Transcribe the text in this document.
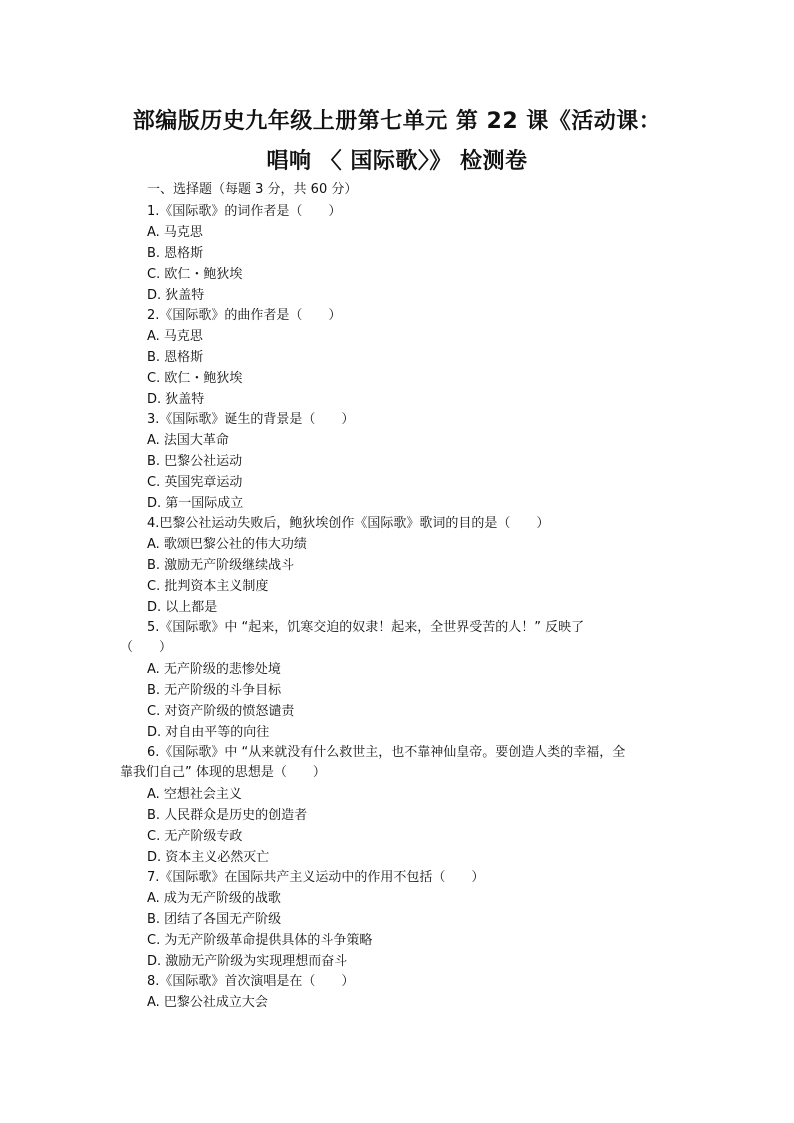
部编版历史九年级上册第七单元 第 22 课《活动课：
唱响 〈 国际歌〉》 检测卷
一、选择题（每题 3 分，共 60 分）
1.《国际歌》的词作者是（　　）
A. 马克思
B. 恩格斯
C. 欧仁・鲍狄埃
D. 狄盖特
2.《国际歌》的曲作者是（　　）
A. 马克思
B. 恩格斯
C. 欧仁・鲍狄埃
D. 狄盖特
3.《国际歌》诞生的背景是（　　）
A. 法国大革命
B. 巴黎公社运动
C. 英国宪章运动
D. 第一国际成立
4.巴黎公社运动失败后，鲍狄埃创作《国际歌》歌词的目的是（　　）
A. 歌颂巴黎公社的伟大功绩
B. 激励无产阶级继续战斗
C. 批判资本主义制度
D. 以上都是
5.《国际歌》中 “起来，饥寒交迫的奴隶！起来，全世界受苦的人！” 反映了
（　　）
A. 无产阶级的悲惨处境
B. 无产阶级的斗争目标
C. 对资产阶级的愤怒谴责
D. 对自由平等的向往
6.《国际歌》中 “从来就没有什么救世主，也不靠神仙皇帝。要创造人类的幸福，全
靠我们自己” 体现的思想是（　　）
A. 空想社会主义
B. 人民群众是历史的创造者
C. 无产阶级专政
D. 资本主义必然灭亡
7.《国际歌》在国际共产主义运动中的作用不包括（　　）
A. 成为无产阶级的战歌
B. 团结了各国无产阶级
C. 为无产阶级革命提供具体的斗争策略
D. 激励无产阶级为实现理想而奋斗
8.《国际歌》首次演唱是在（　　）
A. 巴黎公社成立大会
